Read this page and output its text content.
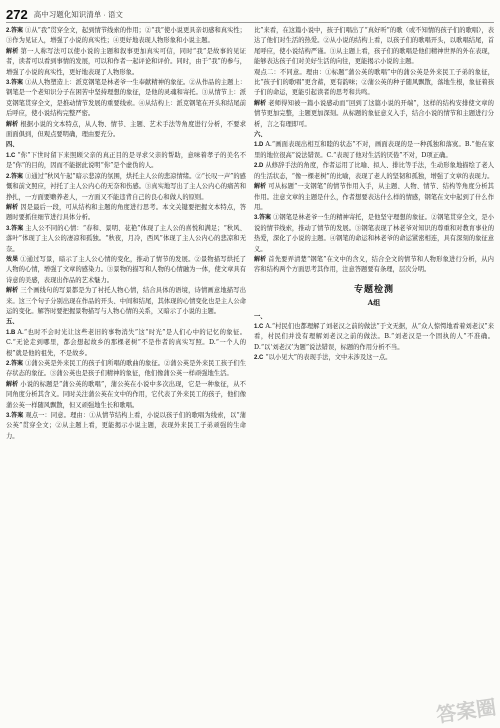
272 高中习题化知识清单 · 语文

2.答案 ①从“我”贯穿全文，起到情节线索的作用；②“我”使小说更具亲切感和真实性；③作为见证人，增强了小说的真实性；④更好地表现人物形象和小说主题。

解析 第一人称写法可以使小说的主题和叙事更加真实可信，同时“我”是故事的见证者，读者可以看到事情的发展，可以和作者一起评论和评价。同时，由于“我”的参与，增强了小说的真实性，更好地表现了人物形象。

3.答案 ①从人物塑造上：派克钢笔是林老爷一生奉献精神的象征。②从作品的主题上：钢笔是一个老知识分子在困苦中坚持理想的象征，是他的灵魂和寄托。③从情节上：派克钢笔贯穿全文，是推动情节发展的重要线索。④从结构上：派克钢笔在开头和结尾前后呼应，使小说结构完整严密。

解析 根据小说的文本特点，从人物、情节、主题、艺术手法等角度进行分析，不要求面面俱到，但观点要明确，理由要充分。

四、

1.C “你”下世时留下来照顾父亲的真正目的是寻求父亲的帮助，意味着孝子的美名不是“你”的目的，因而不能据此说明“你”是个虚伪的人。

2.答案 ①通过“秋风午起”暗示悲凉的氛围，烘托主人公的悲凉情绪。②“长叹一声”的感慨和前文照应，衬托了主人公内心的无奈和伤感。③真实地写出了主人公内心的痛苦和挣扎，一方面要赡养老人，一方面又不能违背自己的良心和做人的原则。

解析 因是最后一段，可从结构和主题的角度进行思考。本文关键要把握文本特点，答题时要抓住细节进行具体分析。

3.答案 主人公不同的心情：“春和、景明、花艳”体现了主人公的喜悦和满足；“秋风、落叶”体现了主人公的凄凉和孤独。“秋夜，月冷，西风”体现了主人公内心的悲凉和无奈。

效果 ①通过写景，暗示了主人公心情的变化，推动了情节的发展。②景物描写烘托了人物的心情，增强了文章的感染力。③景物的描写和人物的心情融为一体，使文章具有诗意的美感，表现出作品的艺术魅力。

解析 三个画线句的写景都是为了衬托人物心情，结合具体的语境，诗情画意地描写出来。这三个句子分别出现在作品的开头、中间和结尾，其体现的心情变化也是主人公命运的变化。解答时要把握景物描写与人物心情的关系，又暗示了小说的主题。

五、

1.B A.“也时不会时光让这些老旧的事物消失”这“时光”是人们心中的记忆的象征。C.“无论走到哪里，都会想起故乡的那棵老树”不是作者的真实写照。D.“一个人的根”就是他的祖先，不是故乡。

2.答案 ①蒲公英是外来民工的孩子们所唱的歌曲的象征。②蒲公英是外来民工孩子们生存状态的象征。③蒲公英也是孩子们精神的象征，他们像蒲公英一样顽强地生活。

解析 小说的标题是“蒲公英的歌唱”，蒲公英在小说中多次出现，它是一种象征，从不同角度分析其含义。同时关注蒲公英在文中的作用，它代表了外来民工的孩子，他们像蒲公英一样随风飘散，但又顽强地生长和歌唱。

3.答案 观点一：同意。理由：①从情节结构上看，小说以孩子们的歌唱为线索，以“蒲公英”贯穿全文；②从主题上看，更能揭示小说主题，表现外来民工子弟顽强的生命力。

比”来看，在这篇小说中，孩子们唱出了“真好听”的歌（或不知情的孩子们的歌唱），表达了他们对生活的热爱。②从小说的结构上看，以孩子们的歌唱开头，以歌唱结尾，首尾呼应，使小说结构严谨。③从主题上看，孩子们的歌唱是他们精神世界的外在表现，能够表达孩子们对美好生活的向往，更能揭示小说的主题。

观点二：不同意。理由：①标题“蒲公英的歌唱”中的蒲公英是外来民工子弟的象征，比“孩子们的歌唱”更含蓄，更有韵味；②蒲公英的种子随风飘散，落地生根，象征着孩子们的命运，更能引起读者的思考和共鸣。

解析 老师得知被一篇小说感动而“回到了这篇小说的开端”，这样的结构安排使文章的情节更加完整，主题更加深刻。从标题的象征意义入手，结合小说的情节和主题进行分析，言之有理即可。

六、

1.D A.“画面表现出相互和睦的状态”不对，画面表现的是一种孤独和落寞。B.“他在家里的地位很高”说法错误。C.“表现了他对生活的厌倦”不对，D项正确。

2.D 从修辞手法的角度，作者运用了比喻、拟人、排比等手法，生动形象地描绘了老人的生活状态，“像一棵老树”的比喻，表现了老人的坚韧和孤独，增强了文章的表现力。

解析 可从标题“一支钢笔”的情节作用入手，从主题、人物、情节、结构等角度分析其作用。注意文章的主题是什么，作者想要表达什么样的情感，钢笔在文中起到了什么作用。

3.答案 ①钢笔是林老爷一生的精神寄托，是他坚守理想的象征。②钢笔贯穿全文，是小说的情节线索，推动了情节的发展。③钢笔表现了林老爷对知识的尊重和对教育事业的热爱，深化了小说的主题。④钢笔的命运和林老爷的命运紧密相连，具有深刻的象征意义。

解析 首先要弄清楚“钢笔”在文中的含义，结合全文的情节和人物形象进行分析，从内容和结构两个方面思考其作用，注意答题要有条理，层次分明。

专题检测
A组

一、

1.C A.“村民们也都理解了刘老汉之前的做法”于文无据，从“众人惊愕地看着刘老汉”来看，村民们并没有理解刘老汉之前的做法。B.“刘老汉是一个固执的人”不准确。D.“以‘刘老汉’为题”说法错误，标题的作用分析不当。

2.C “以小见大”的表现手法，文中未涉及这一点。

答案圈
